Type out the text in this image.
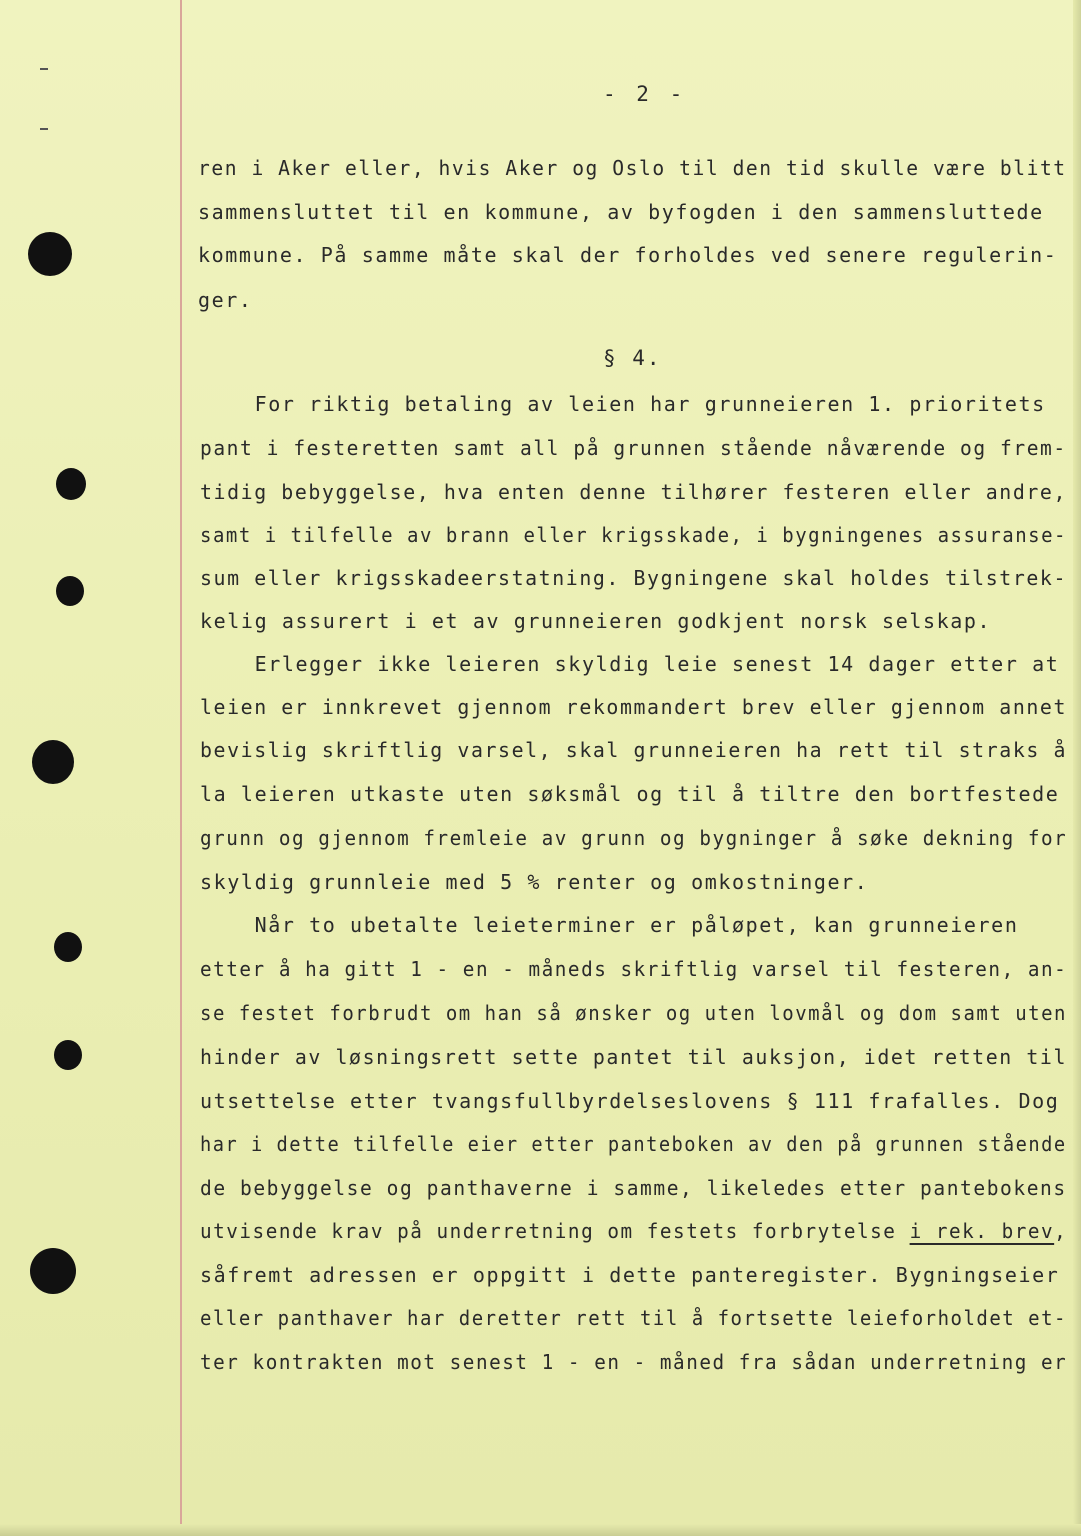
- 2 -
§ 4.

ren i Aker eller, hvis Aker og Oslo til den tid skulle være blitt

sammensluttet til en kommune, av byfogden i den sammensluttede

kommune. På samme måte skal der forholdes ved senere regulerin-

ger.

For riktig betaling av leien har grunneieren 1. prioritets

pant i festeretten samt all på grunnen stående nåværende og frem-

tidig bebyggelse, hva enten denne tilhører festeren eller andre,

samt i tilfelle av brann eller krigsskade, i bygningenes assuranse-

sum eller krigsskadeerstatning. Bygningene skal holdes tilstrek-

kelig assurert i et av grunneieren godkjent norsk selskap.

Erlegger ikke leieren skyldig leie senest 14 dager etter at

leien er innkrevet gjennom rekommandert brev eller gjennom annet

bevislig skriftlig varsel, skal grunneieren ha rett til straks å

la leieren utkaste uten søksmål og til å tiltre den bortfestede

grunn og gjennom fremleie av grunn og bygninger å søke dekning for

skyldig grunnleie med 5 % renter og omkostninger.

Når to ubetalte leieterminer er påløpet, kan grunneieren

etter å ha gitt 1 - en - måneds skriftlig varsel til festeren, an-

se festet forbrudt om han så ønsker og uten lovmål og dom samt uten

hinder av løsningsrett sette pantet til auksjon, idet retten til

utsettelse etter tvangsfullbyrdelseslovens § 111 frafalles. Dog

har i dette tilfelle eier etter panteboken av den på grunnen stående

de bebyggelse og panthaverne i samme, likeledes etter pantebokens

utvisende krav på underretning om festets forbrytelse i rek. brev,

såfremt adressen er oppgitt i dette panteregister. Bygningseier

eller panthaver har deretter rett til å fortsette leieforholdet et-

ter kontrakten mot senest 1 - en - måned fra sådan underretning er
